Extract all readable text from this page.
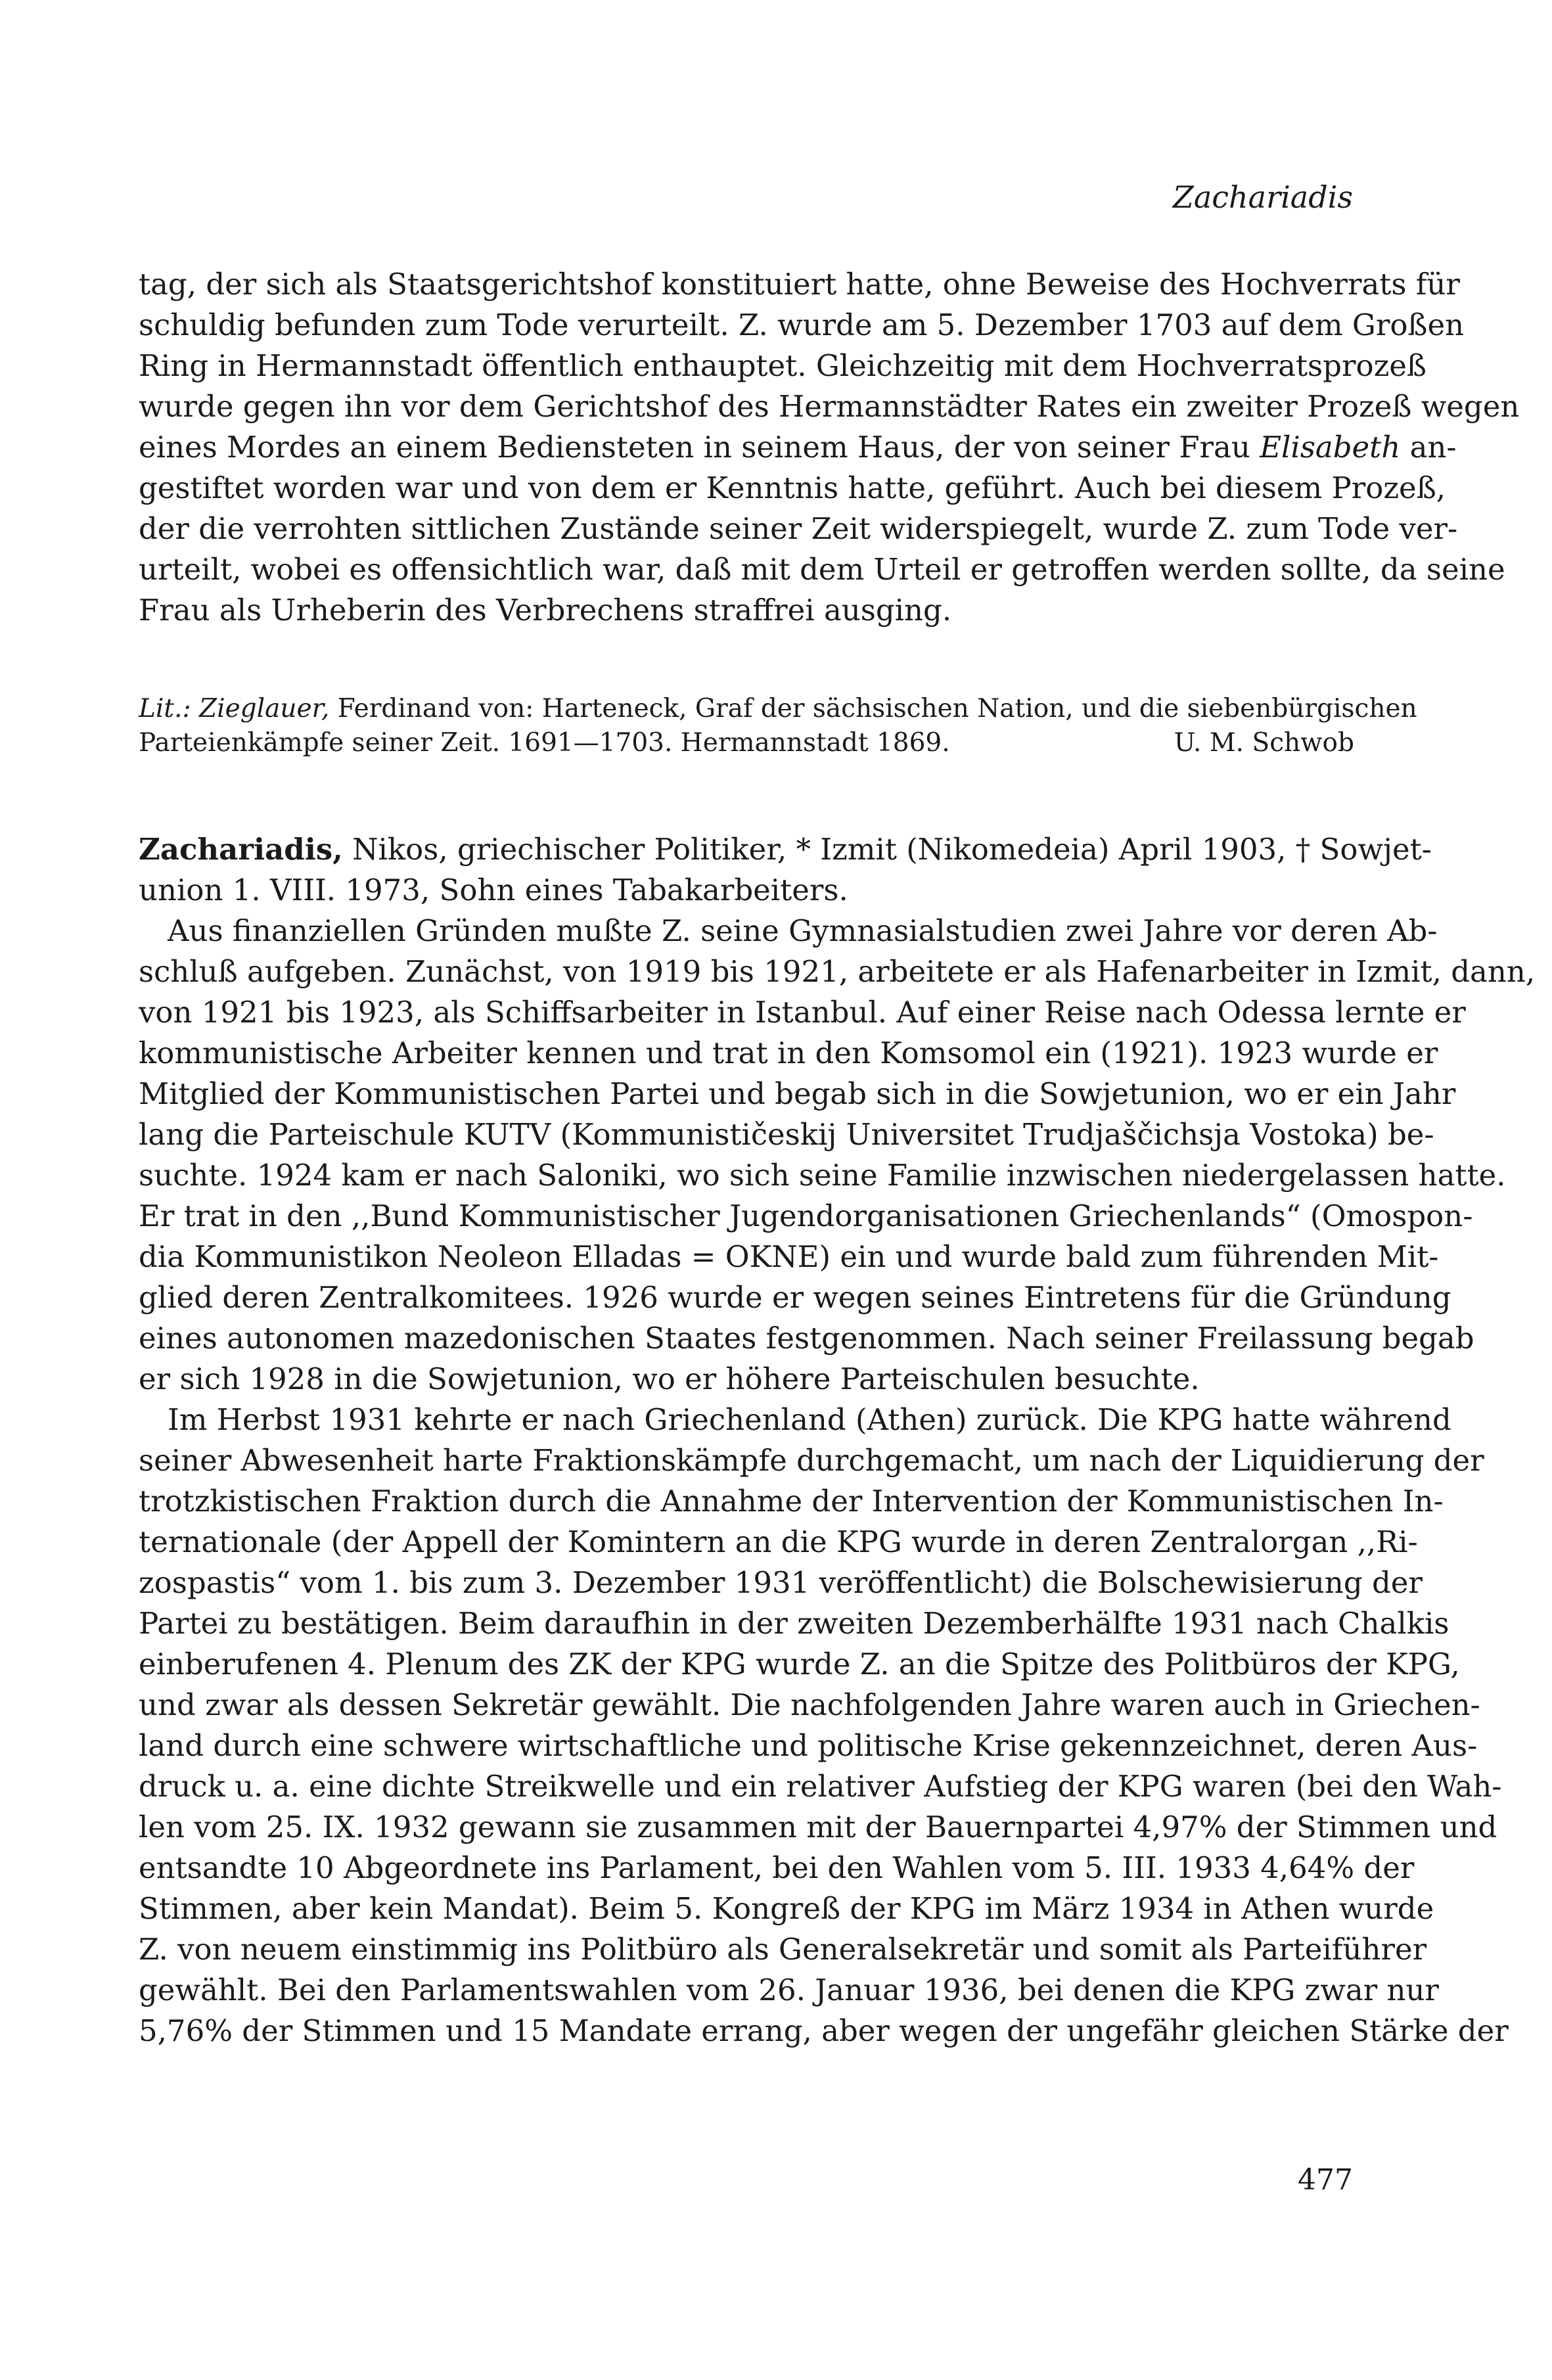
Zachariadis

tag, der sich als Staatsgerichtshof konstituiert hatte, ohne Beweise des Hochverrats für
schuldig befunden zum Tode verurteilt. Z. wurde am 5. Dezember 1703 auf dem Großen
Ring in Hermannstadt öffentlich enthauptet. Gleichzeitig mit dem Hochverratsprozeß
wurde gegen ihn vor dem Gerichtshof des Hermannstädter Rates ein zweiter Prozeß wegen
eines Mordes an einem Bediensteten in seinem Haus, der von seiner Frau Elisabeth an-
gestiftet worden war und von dem er Kenntnis hatte, geführt. Auch bei diesem Prozeß,
der die verrohten sittlichen Zustände seiner Zeit widerspiegelt, wurde Z. zum Tode ver-
urteilt, wobei es offensichtlich war, daß mit dem Urteil er getroffen werden sollte, da seine
Frau als Urheberin des Verbrechens straffrei ausging.

Lit.: Zieglauer, Ferdinand von: Harteneck, Graf der sächsischen Nation, und die siebenbürgischen
Parteienkämpfe seiner Zeit. 1691—1703. Hermannstadt 1869.	U. M. Schwob

Zachariadis, Nikos, griechischer Politiker, * Izmit (Nikomedeia) April 1903, † Sowjet-
union 1. VIII. 1973, Sohn eines Tabakarbeiters.

Aus finanziellen Gründen mußte Z. seine Gymnasialstudien zwei Jahre vor deren Ab-
schluß aufgeben. Zunächst, von 1919 bis 1921, arbeitete er als Hafenarbeiter in Izmit, dann,
von 1921 bis 1923, als Schiffsarbeiter in Istanbul. Auf einer Reise nach Odessa lernte er
kommunistische Arbeiter kennen und trat in den Komsomol ein (1921). 1923 wurde er
Mitglied der Kommunistischen Partei und begab sich in die Sowjetunion, wo er ein Jahr
lang die Parteischule KUTV (Kommunističeskij Universitet Trudjaščichsja Vostoka) be-
suchte. 1924 kam er nach Saloniki, wo sich seine Familie inzwischen niedergelassen hatte.
Er trat in den ,,Bund Kommunistischer Jugendorganisationen Griechenlands“ (Omospon-
dia Kommunistikon Neoleon Elladas = OKNE) ein und wurde bald zum führenden Mit-
glied deren Zentralkomitees. 1926 wurde er wegen seines Eintretens für die Gründung
eines autonomen mazedonischen Staates festgenommen. Nach seiner Freilassung begab
er sich 1928 in die Sowjetunion, wo er höhere Parteischulen besuchte.

Im Herbst 1931 kehrte er nach Griechenland (Athen) zurück. Die KPG hatte während
seiner Abwesenheit harte Fraktionskämpfe durchgemacht, um nach der Liquidierung der
trotzkistischen Fraktion durch die Annahme der Intervention der Kommunistischen In-
ternationale (der Appell der Komintern an die KPG wurde in deren Zentralorgan ,,Ri-
zospastis“ vom 1. bis zum 3. Dezember 1931 veröffentlicht) die Bolschewisierung der
Partei zu bestätigen. Beim daraufhin in der zweiten Dezemberhälfte 1931 nach Chalkis
einberufenen 4. Plenum des ZK der KPG wurde Z. an die Spitze des Politbüros der KPG,
und zwar als dessen Sekretär gewählt. Die nachfolgenden Jahre waren auch in Griechen-
land durch eine schwere wirtschaftliche und politische Krise gekennzeichnet, deren Aus-
druck u. a. eine dichte Streikwelle und ein relativer Aufstieg der KPG waren (bei den Wah-
len vom 25. IX. 1932 gewann sie zusammen mit der Bauernpartei 4,97% der Stimmen und
entsandte 10 Abgeordnete ins Parlament, bei den Wahlen vom 5. III. 1933 4,64% der
Stimmen, aber kein Mandat). Beim 5. Kongreß der KPG im März 1934 in Athen wurde
Z. von neuem einstimmig ins Politbüro als Generalsekretär und somit als Parteiführer
gewählt. Bei den Parlamentswahlen vom 26. Januar 1936, bei denen die KPG zwar nur
5,76% der Stimmen und 15 Mandate errang, aber wegen der ungefähr gleichen Stärke der

477
